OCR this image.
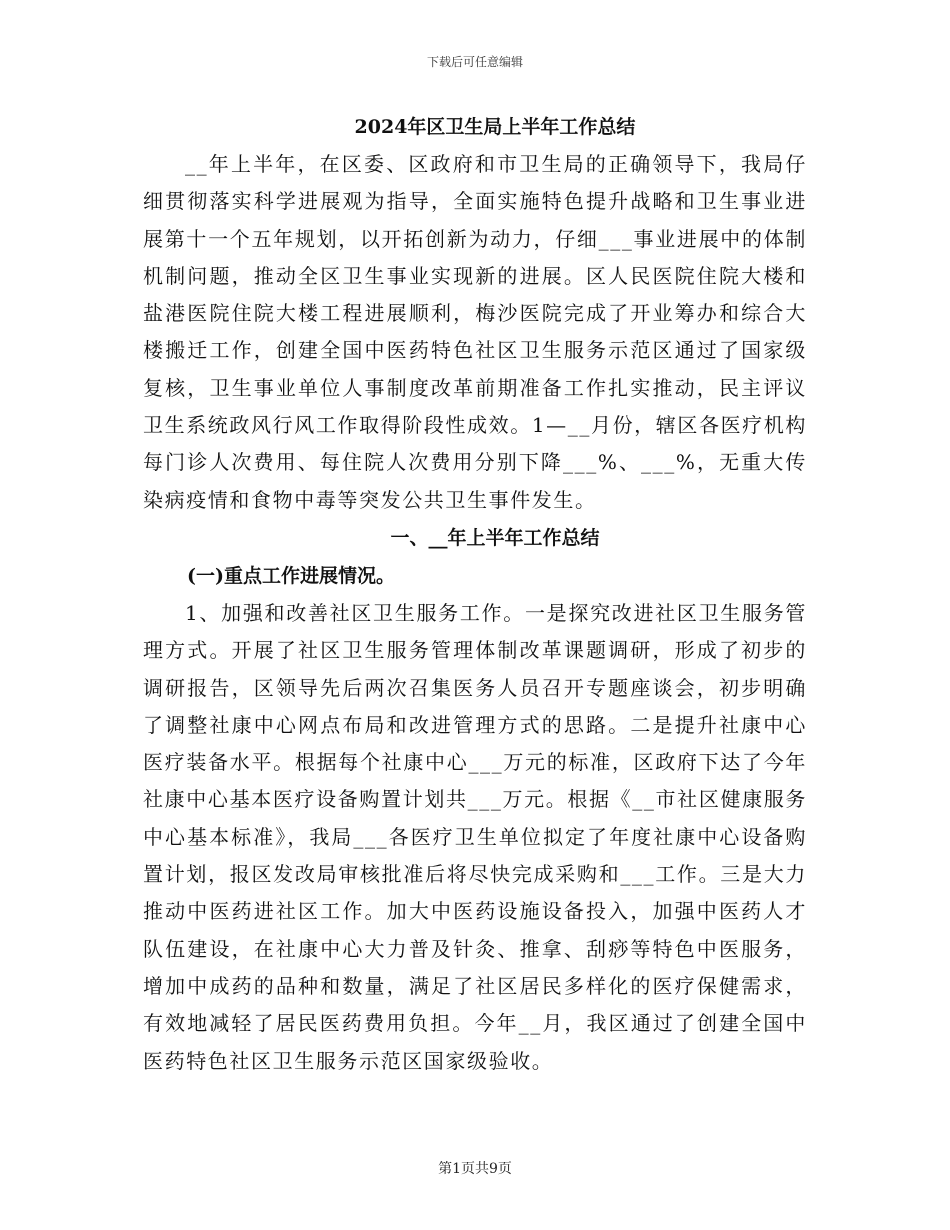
下载后可任意编辑
2024年区卫生局上半年工作总结

__年上半年，在区委、区政府和市卫生局的正确领导下，我局仔细贯彻落实科学进展观为指导，全面实施特色提升战略和卫生事业进展第十一个五年规划，以开拓创新为动力，仔细___事业进展中的体制机制问题，推动全区卫生事业实现新的进展。区人民医院住院大楼和盐港医院住院大楼工程进展顺利，梅沙医院完成了开业筹办和综合大楼搬迁工作，创建全国中医药特色社区卫生服务示范区通过了国家级复核，卫生事业单位人事制度改革前期准备工作扎实推动，民主评议卫生系统政风行风工作取得阶段性成效。1—__月份，辖区各医疗机构每门诊人次费用、每住院人次费用分别下降___%、___%，无重大传染病疫情和食物中毒等突发公共卫生事件发生。

一、__年上半年工作总结
(一)重点工作进展情况。

1、加强和改善社区卫生服务工作。一是探究改进社区卫生服务管理方式。开展了社区卫生服务管理体制改革课题调研，形成了初步的调研报告，区领导先后两次召集医务人员召开专题座谈会，初步明确了调整社康中心网点布局和改进管理方式的思路。二是提升社康中心医疗装备水平。根据每个社康中心___万元的标准，区政府下达了今年社康中心基本医疗设备购置计划共___万元。根据《__市社区健康服务中心基本标准》，我局___各医疗卫生单位拟定了年度社康中心设备购置计划，报区发改局审核批准后将尽快完成采购和___工作。三是大力推动中医药进社区工作。加大中医药设施设备投入，加强中医药人才队伍建设，在社康中心大力普及针灸、推拿、刮痧等特色中医服务，增加中成药的品种和数量，满足了社区居民多样化的医疗保健需求，有效地减轻了居民医药费用负担。今年__月，我区通过了创建全国中医药特色社区卫生服务示范区国家级验收。

第1页共9页
